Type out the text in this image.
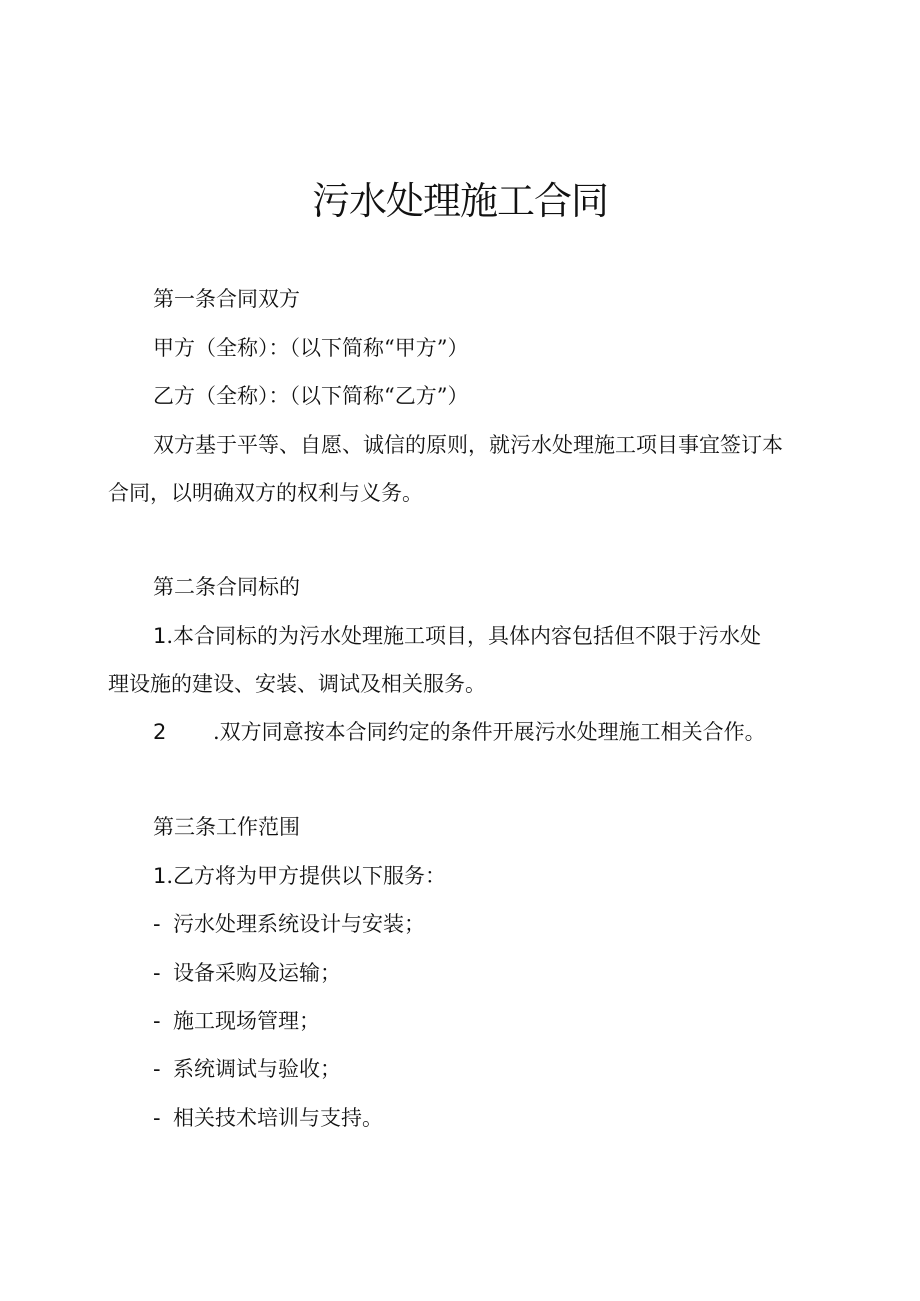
污水处理施工合同

第一条合同双方

甲方（全称）：（以下简称“甲方”）

乙方（全称）：（以下简称“乙方”）

双方基于平等、自愿、诚信的原则，就污水处理施工项目事宜签订本

合同，以明确双方的权利与义务。

第二条合同标的

1.本合同标的为污水处理施工项目，具体内容包括但不限于污水处

理设施的建设、安装、调试及相关服务。

2 .双方同意按本合同约定的条件开展污水处理施工相关合作。

第三条工作范围

1.乙方将为甲方提供以下服务：

- 污水处理系统设计与安装；

- 设备采购及运输；

- 施工现场管理；

- 系统调试与验收；

- 相关技术培训与支持。
